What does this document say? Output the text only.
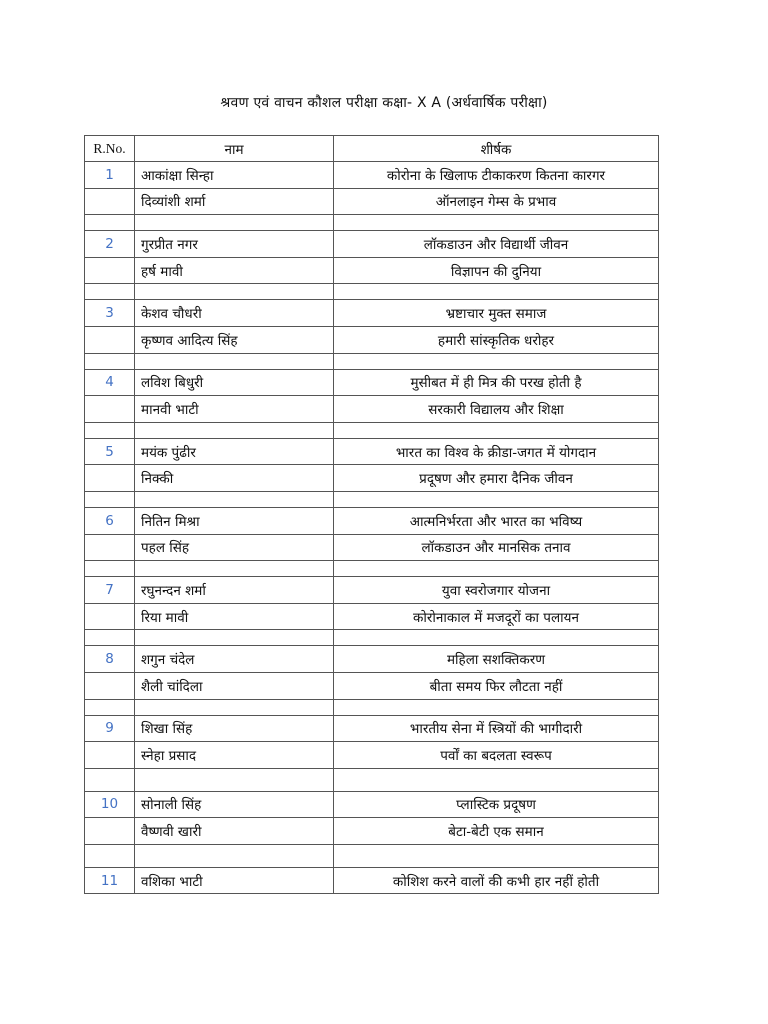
श्रवण एवं वाचन कौशल परीक्षा कक्षा- X A (अर्धवार्षिक परीक्षा)
R.No.	नाम	शीर्षक
1	आकांक्षा सिन्हा	कोरोना के खिलाफ टीकाकरण कितना कारगर
	दिव्यांशी शर्मा	ऑनलाइन गेम्स के प्रभाव

2	गुरप्रीत नगर	लॉकडाउन और विद्यार्थी जीवन
	हर्ष मावी	विज्ञापन की दुनिया

3	केशव चौधरी	भ्रष्टाचार मुक्त समाज
	कृष्णव आदित्य सिंह	हमारी सांस्कृतिक धरोहर

4	लविश बिधुरी	मुसीबत में ही मित्र की परख होती है
	मानवी भाटी	सरकारी विद्यालय और शिक्षा

5	मयंक पुंढीर	भारत का विश्व के क्रीडा-जगत में योगदान
	निक्की	प्रदूषण और हमारा दैनिक जीवन

6	नितिन मिश्रा	आत्मनिर्भरता और भारत का भविष्य
	पहल सिंह	लॉकडाउन और मानसिक तनाव

7	रघुनन्दन शर्मा	युवा स्वरोजगार योजना
	रिया मावी	कोरोनाकाल में मजदूरों का पलायन

8	शगुन चंदेल	महिला सशक्तिकरण
	शैली चांदिला	बीता समय फिर लौटता नहीं

9	शिखा सिंह	भारतीय सेना में स्त्रियों की भागीदारी
	स्नेहा प्रसाद	पर्वों का बदलता स्वरूप

10	सोनाली सिंह	प्लास्टिक प्रदूषण
	वैष्णवी खारी	बेटा-बेटी एक समान

11	वशिका भाटी	कोशिश करने वालों की कभी हार नहीं होती
